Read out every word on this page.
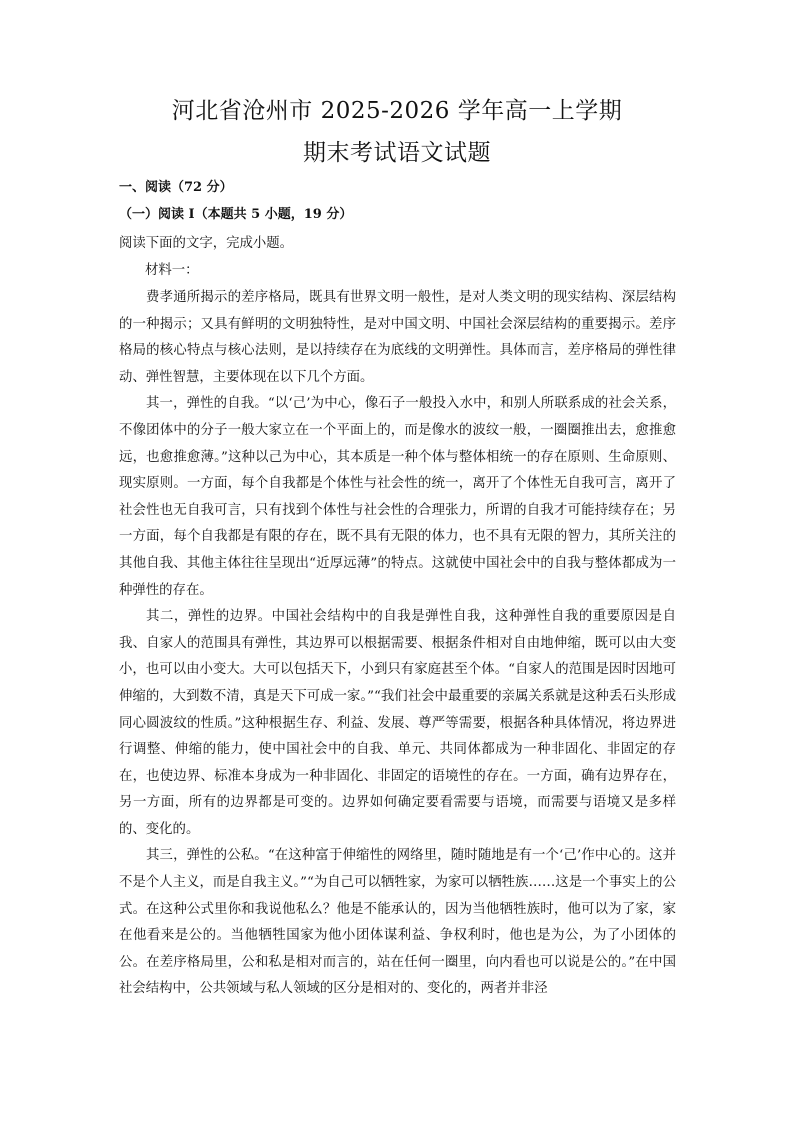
河北省沧州市 2025-2026 学年高一上学期
期末考试语文试题
一、阅读（72 分）
（一）阅读 I（本题共 5 小题，19 分）
阅读下面的文字，完成小题。
材料一：

费孝通所揭示的差序格局，既具有世界文明一般性，是对人类文明的现实结构、深层结构的一种揭示；又具有鲜明的文明独特性，是对中国文明、中国社会深层结构的重要揭示。差序格局的核心特点与核心法则，是以持续存在为底线的文明弹性。具体而言，差序格局的弹性律动、弹性智慧，主要体现在以下几个方面。

其一，弹性的自我。“以‘己’为中心，像石子一般投入水中，和别人所联系成的社会关系，不像团体中的分子一般大家立在一个平面上的，而是像水的波纹一般，一圈圈推出去，愈推愈远，也愈推愈薄。”这种以己为中心，其本质是一种个体与整体相统一的存在原则、生命原则、现实原则。一方面，每个自我都是个体性与社会性的统一，离开了个体性无自我可言，离开了社会性也无自我可言，只有找到个体性与社会性的合理张力，所谓的自我才可能持续存在；另一方面，每个自我都是有限的存在，既不具有无限的体力，也不具有无限的智力，其所关注的其他自我、其他主体往往呈现出“近厚远薄”的特点。这就使中国社会中的自我与整体都成为一种弹性的存在。

其二，弹性的边界。中国社会结构中的自我是弹性自我，这种弹性自我的重要原因是自我、自家人的范围具有弹性，其边界可以根据需要、根据条件相对自由地伸缩，既可以由大变小，也可以由小变大。大可以包括天下，小到只有家庭甚至个体。“自家人的范围是因时因地可伸缩的，大到数不清，真是天下可成一家。”“我们社会中最重要的亲属关系就是这种丢石头形成同心圆波纹的性质。”这种根据生存、利益、发展、尊严等需要，根据各种具体情况，将边界进行调整、伸缩的能力，使中国社会中的自我、单元、共同体都成为一种非固化、非固定的存在，也使边界、标准本身成为一种非固化、非固定的语境性的存在。一方面，确有边界存在，另一方面，所有的边界都是可变的。边界如何确定要看需要与语境，而需要与语境又是多样的、变化的。

其三，弹性的公私。“在这种富于伸缩性的网络里，随时随地是有一个‘己’作中心的。这并不是个人主义，而是自我主义。”“为自己可以牺牲家，为家可以牺牲族……这是一个事实上的公式。在这种公式里你和我说他私么？他是不能承认的，因为当他牺牲族时，他可以为了家，家在他看来是公的。当他牺牲国家为他小团体谋利益、争权利时，他也是为公，为了小团体的公。在差序格局里，公和私是相对而言的，站在任何一圈里，向内看也可以说是公的。”在中国社会结构中，公共领域与私人领域的区分是相对的、变化的，两者并非泾
